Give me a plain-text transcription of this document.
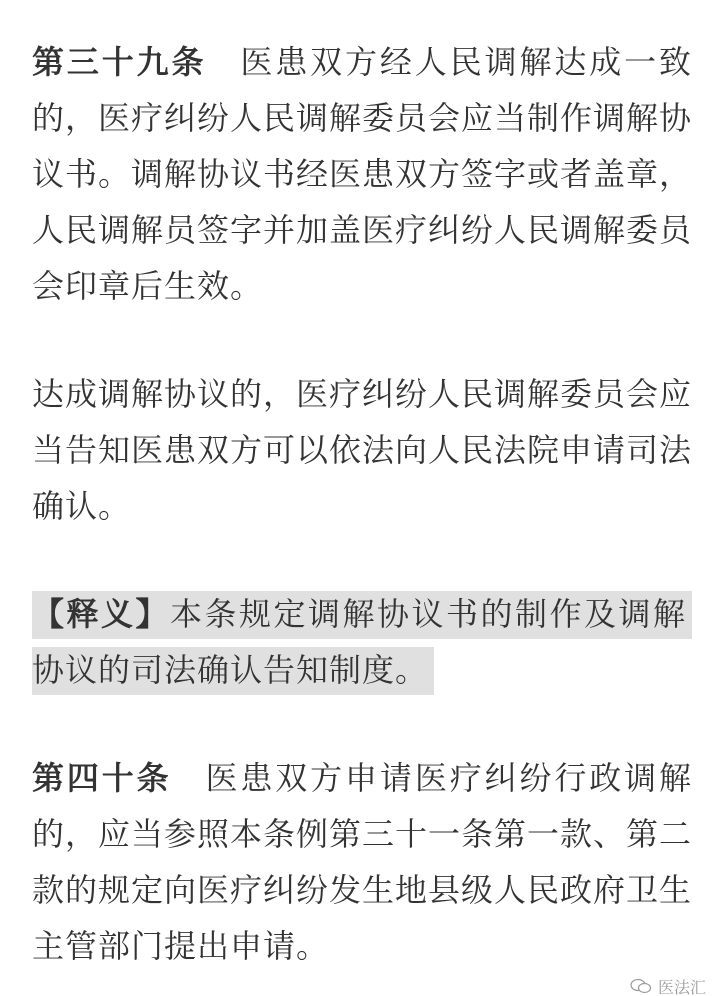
第三十九条 医患双方经人民调解达成一致的，医疗纠纷人民调解委员会应当制作调解协议书。调解协议书经医患双方签字或者盖章，人民调解员签字并加盖医疗纠纷人民调解委员会印章后生效。

达成调解协议的，医疗纠纷人民调解委员会应当告知医患双方可以依法向人民法院申请司法确认。

【释义】本条规定调解协议书的制作及调解协议的司法确认告知制度。

第四十条 医患双方申请医疗纠纷行政调解的，应当参照本条例第三十一条第一款、第二款的规定向医疗纠纷发生地县级人民政府卫生主管部门提出申请。

医法汇
